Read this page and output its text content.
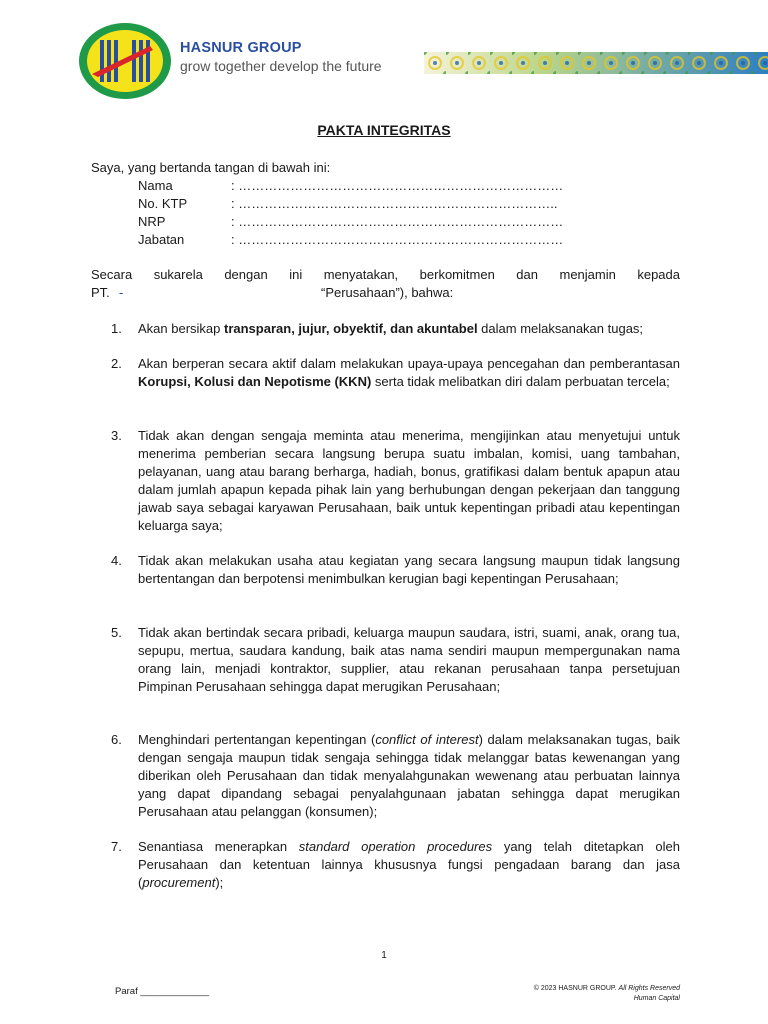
HASNUR GROUP
grow together develop the future
PAKTA INTEGRITAS
Saya, yang bertanda tangan di bawah ini:
Nama	: …………………………………………………………………
No. KTP	: ………………………………………………………………..
NRP	: …………………………………………………………………
Jabatan	: …………………………………………………………………
Secara sukarela dengan ini menyatakan, berkomitmen dan menjamin kepada
PT. -	“Perusahaan”), bahwa:
1. Akan bersikap transparan, jujur, obyektif, dan akuntabel dalam melaksanakan tugas;
2. Akan berperan secara aktif dalam melakukan upaya-upaya pencegahan dan pemberantasan Korupsi, Kolusi dan Nepotisme (KKN) serta tidak melibatkan diri dalam perbuatan tercela;
3. Tidak akan dengan sengaja meminta atau menerima, mengijinkan atau menyetujui untuk menerima pemberian secara langsung berupa suatu imbalan, komisi, uang tambahan, pelayanan, uang atau barang berharga, hadiah, bonus, gratifikasi dalam bentuk apapun atau dalam jumlah apapun kepada pihak lain yang berhubungan dengan pekerjaan dan tanggung jawab saya sebagai karyawan Perusahaan, baik untuk kepentingan pribadi atau kepentingan keluarga saya;
4. Tidak akan melakukan usaha atau kegiatan yang secara langsung maupun tidak langsung bertentangan dan berpotensi menimbulkan kerugian bagi kepentingan Perusahaan;
5. Tidak akan bertindak secara pribadi, keluarga maupun saudara, istri, suami, anak, orang tua, sepupu, mertua, saudara kandung, baik atas nama sendiri maupun mempergunakan nama orang lain, menjadi kontraktor, supplier, atau rekanan perusahaan tanpa persetujuan Pimpinan Perusahaan sehingga dapat merugikan Perusahaan;
6. Menghindari pertentangan kepentingan (conflict of interest) dalam melaksanakan tugas, baik dengan sengaja maupun tidak sengaja sehingga tidak melanggar batas kewenangan yang diberikan oleh Perusahaan dan tidak menyalahgunakan wewenang atau perbuatan lainnya yang dapat dipandang sebagai penyalahgunaan jabatan sehingga dapat merugikan Perusahaan atau pelanggan (konsumen);
7. Senantiasa menerapkan standard operation procedures yang telah ditetapkan oleh Perusahaan dan ketentuan lainnya khususnya fungsi pengadaan barang dan jasa (procurement);
1
Paraf _____________	© 2023 HASNUR GROUP. All Rights Reserved
Human Capital
